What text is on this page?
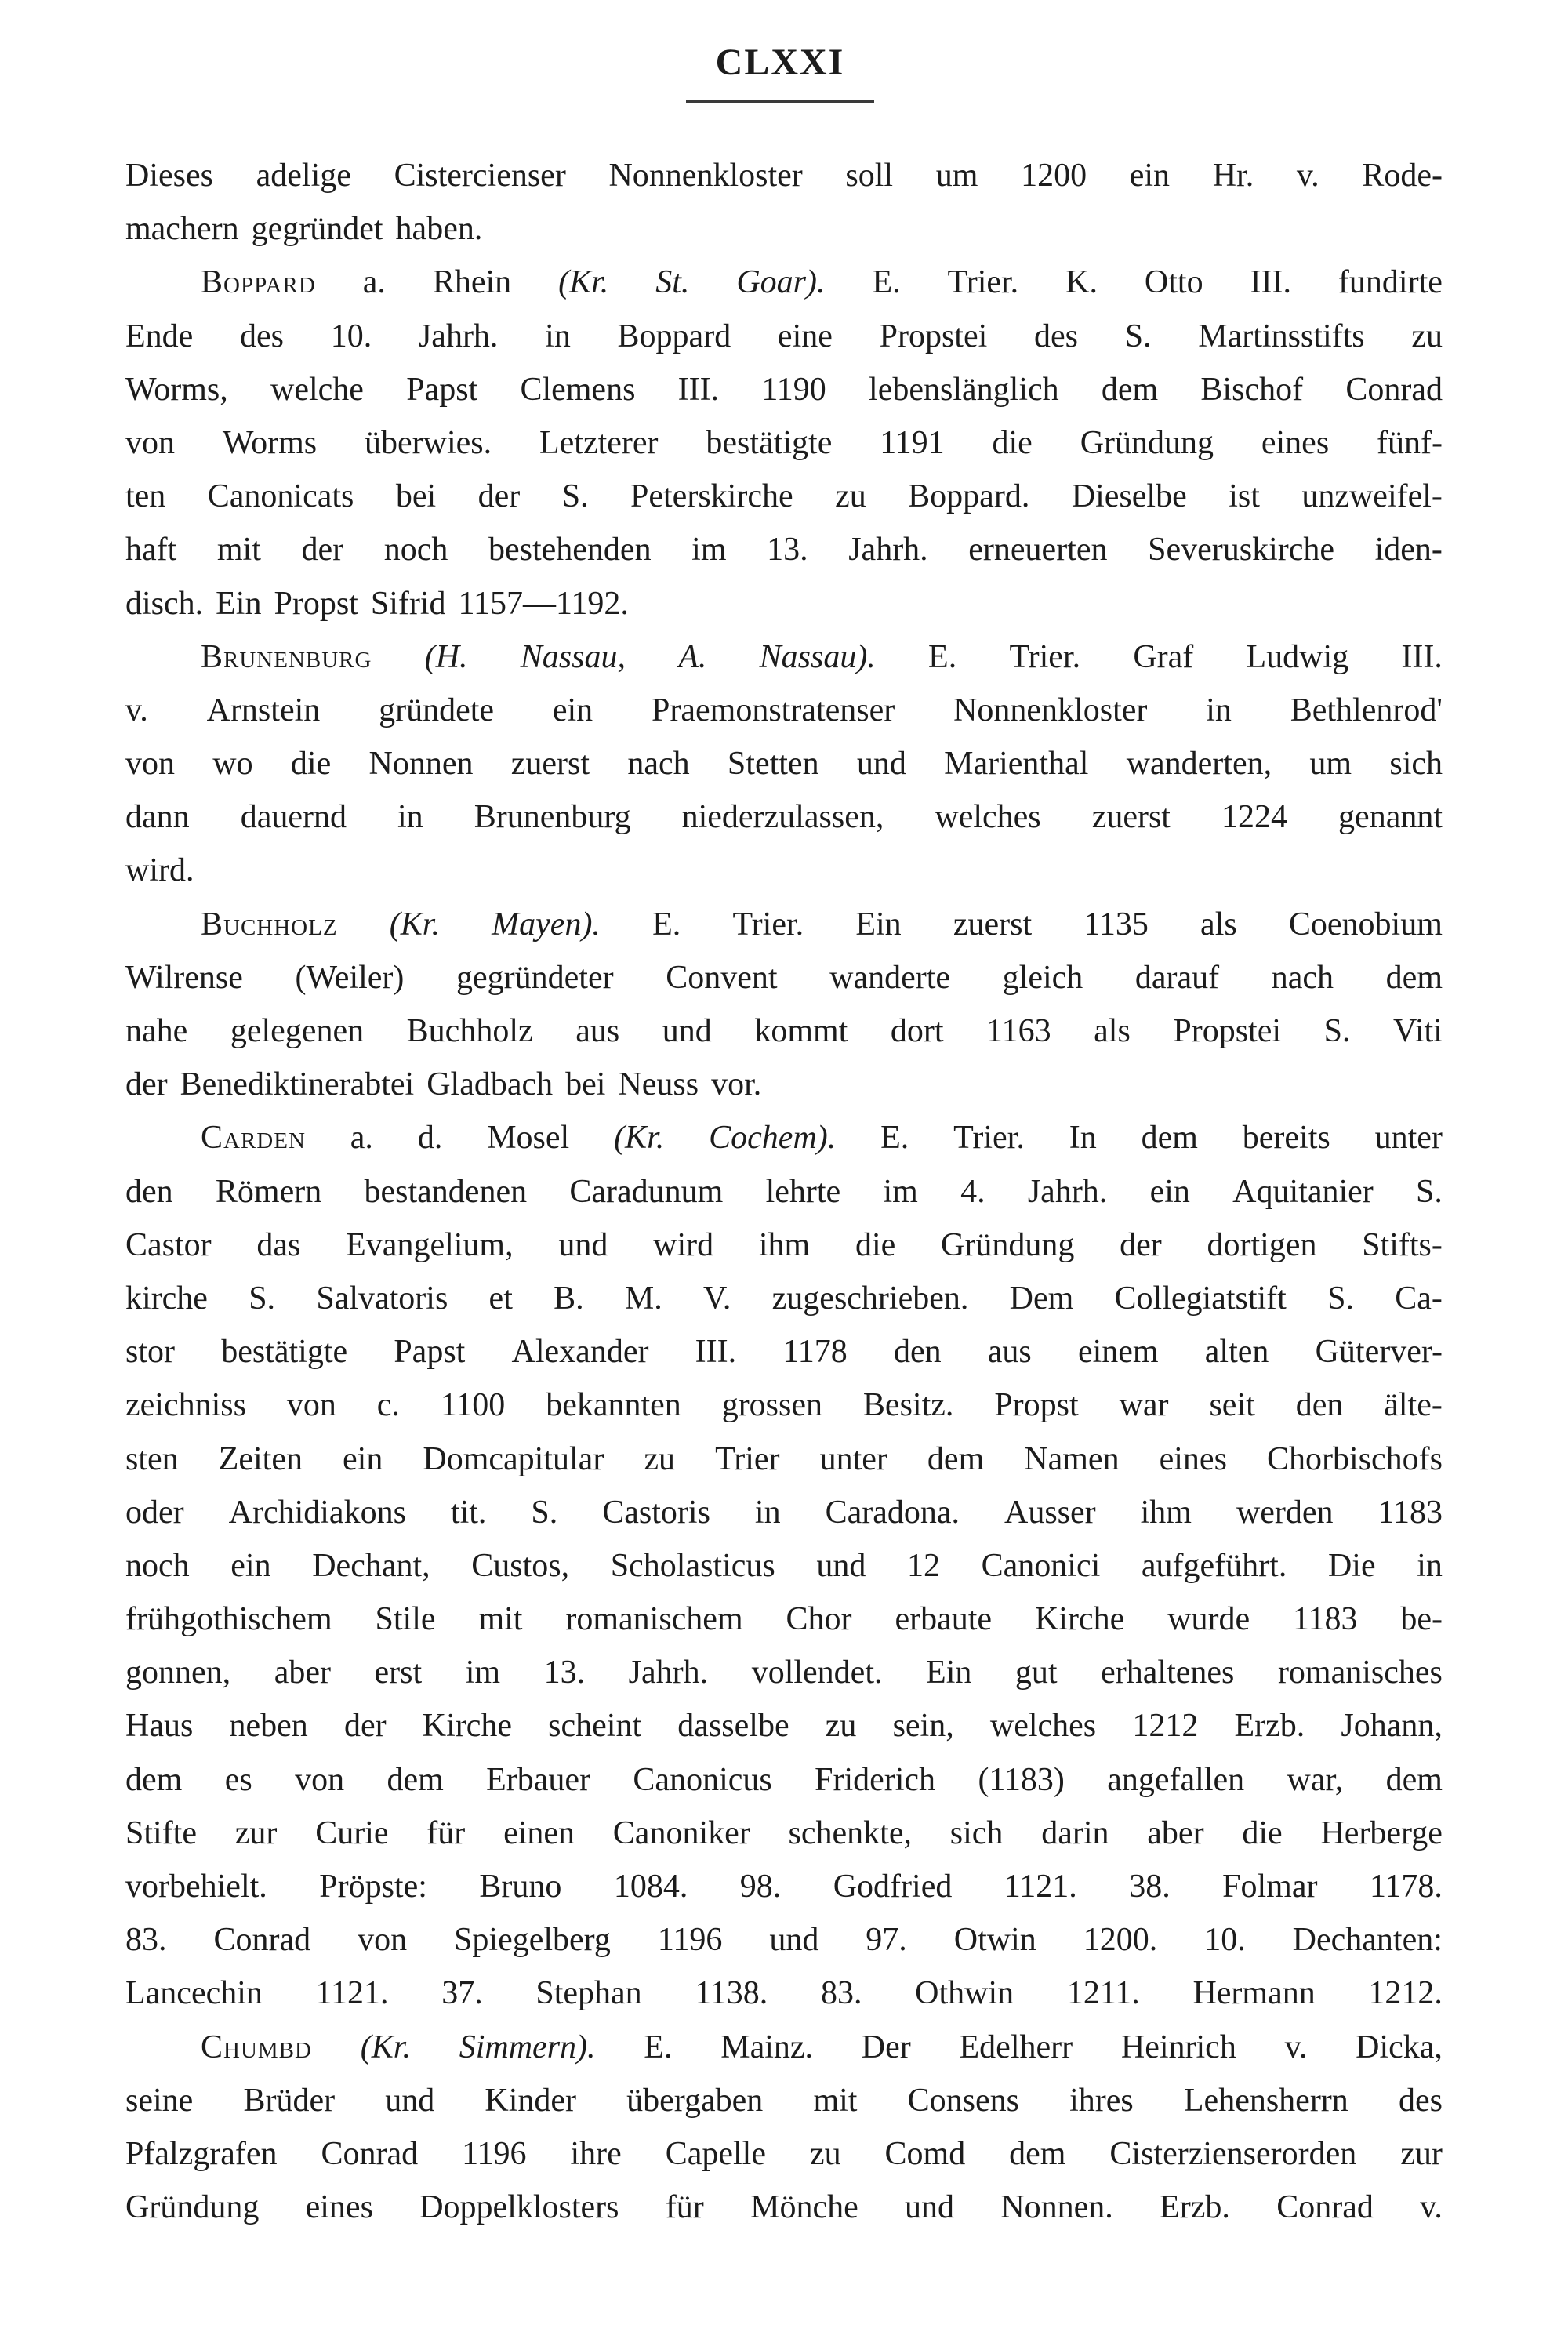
CLXXI
Dieses adelige Cistercienser Nonnenkloster soll um 1200 ein Hr. v. Rode-
machern gegründet haben.
Boppard a. Rhein (Kr. St. Goar). E. Trier. K. Otto III. fundirte
Ende des 10. Jahrh. in Boppard eine Propstei des S. Martinsstifts zu
Worms, welche Papst Clemens III. 1190 lebenslänglich dem Bischof Conrad
von Worms überwies. Letzterer bestätigte 1191 die Gründung eines fünf-
ten Canonicats bei der S. Peterskirche zu Boppard. Dieselbe ist unzweifel-
haft mit der noch bestehenden im 13. Jahrh. erneuerten Severuskirche iden-
disch. Ein Propst Sifrid 1157—1192.
Brunenburg (H. Nassau, A. Nassau). E. Trier. Graf Ludwig III.
v. Arnstein gründete ein Praemonstratenser Nonnenkloster in Bethlenrod'
von wo die Nonnen zuerst nach Stetten und Marienthal wanderten, um sich
dann dauernd in Brunenburg niederzulassen, welches zuerst 1224 genannt
wird.
Buchholz (Kr. Mayen). E. Trier. Ein zuerst 1135 als Coenobium
Wilrense (Weiler) gegründeter Convent wanderte gleich darauf nach dem
nahe gelegenen Buchholz aus und kommt dort 1163 als Propstei S. Viti
der Benediktinerabtei Gladbach bei Neuss vor.
Carden a. d. Mosel (Kr. Cochem). E. Trier. In dem bereits unter
den Römern bestandenen Caradunum lehrte im 4. Jahrh. ein Aquitanier S.
Castor das Evangelium, und wird ihm die Gründung der dortigen Stifts-
kirche S. Salvatoris et B. M. V. zugeschrieben. Dem Collegiatstift S. Ca-
stor bestätigte Papst Alexander III. 1178 den aus einem alten Güterver-
zeichniss von c. 1100 bekannten grossen Besitz. Propst war seit den älte-
sten Zeiten ein Domcapitular zu Trier unter dem Namen eines Chorbischofs
oder Archidiakons tit. S. Castoris in Caradona. Ausser ihm werden 1183
noch ein Dechant, Custos, Scholasticus und 12 Canonici aufgeführt. Die in
frühgothischem Stile mit romanischem Chor erbaute Kirche wurde 1183 be-
gonnen, aber erst im 13. Jahrh. vollendet. Ein gut erhaltenes romanisches
Haus neben der Kirche scheint dasselbe zu sein, welches 1212 Erzb. Johann,
dem es von dem Erbauer Canonicus Friderich (1183) angefallen war, dem
Stifte zur Curie für einen Canoniker schenkte, sich darin aber die Herberge
vorbehielt. Pröpste: Bruno 1084. 98. Godfried 1121. 38. Folmar 1178.
83. Conrad von Spiegelberg 1196 und 97. Otwin 1200. 10. Dechanten:
Lancechin 1121. 37. Stephan 1138. 83. Othwin 1211. Hermann 1212.
Chumbd (Kr. Simmern). E. Mainz. Der Edelherr Heinrich v. Dicka,
seine Brüder und Kinder übergaben mit Consens ihres Lehensherrn des
Pfalzgrafen Conrad 1196 ihre Capelle zu Comd dem Cisterzienserorden zur
Gründung eines Doppelklosters für Mönche und Nonnen. Erzb. Conrad v.
